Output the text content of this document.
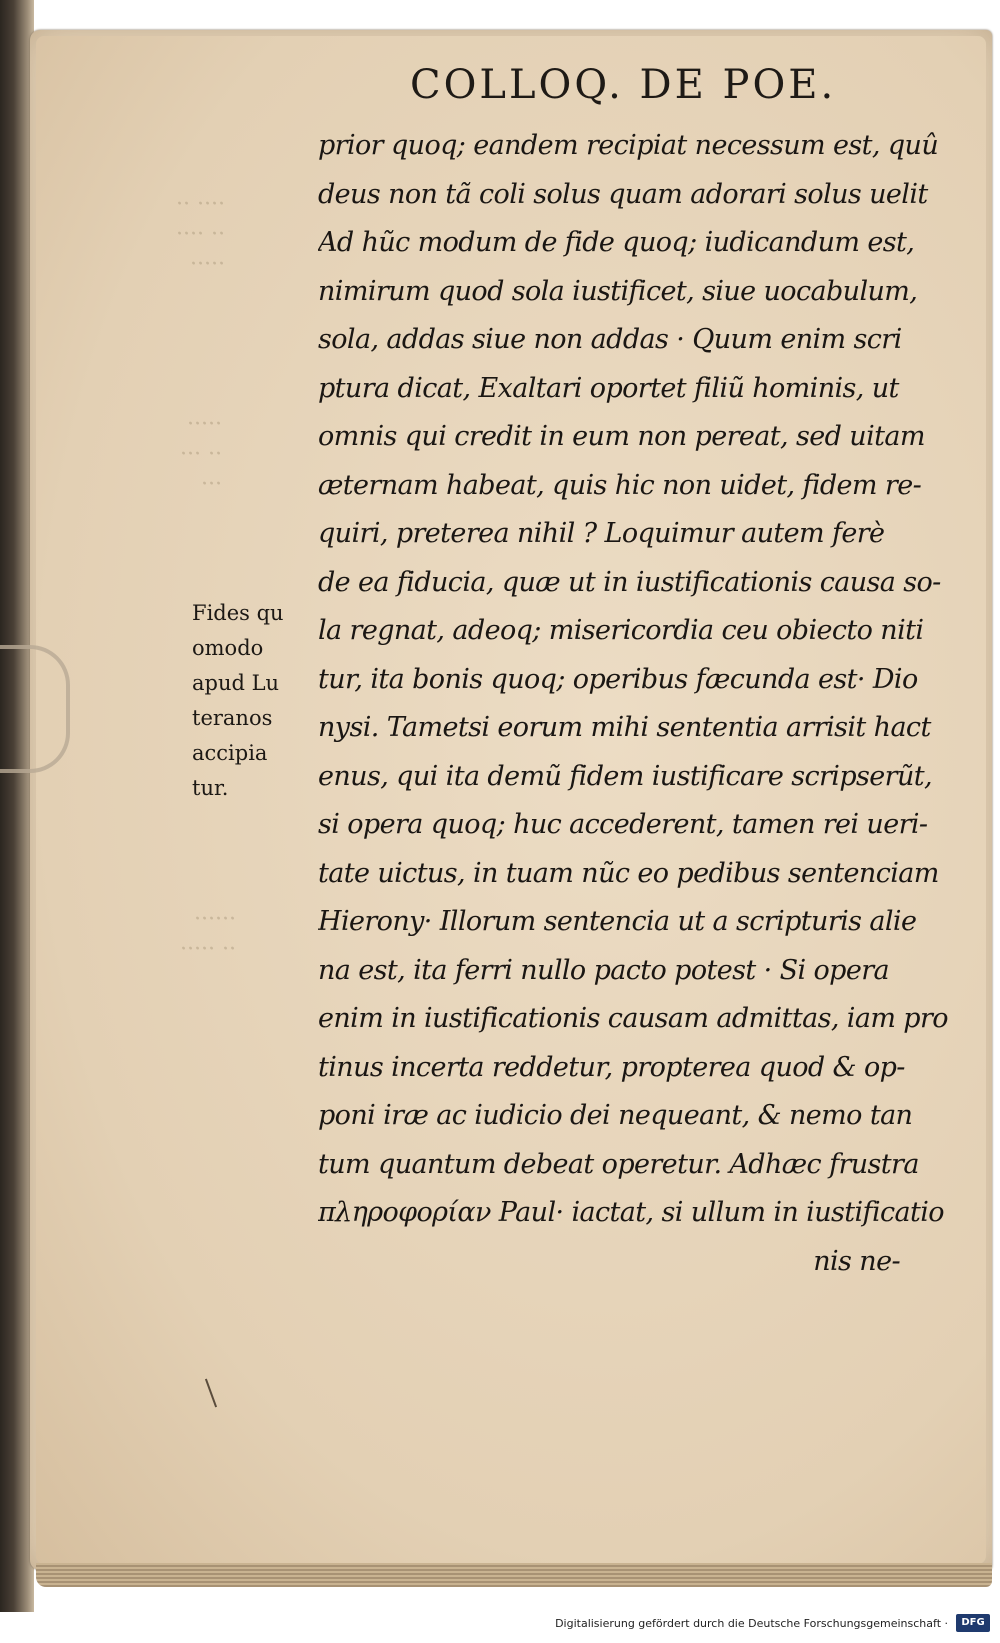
···· ··
·· ····
·····
·····
·· ···
···
······
·· ·····
COLLOQ. DE POE.
prior quoq; eandem recipiat necessum est, quû
deus non tã coli solus quam adorari solus uelit
Ad hũc modum de fide quoq; iudicandum est,
nimirum quod sola iustificet, siue uocabulum,
sola, addas siue non addas · Quum enim scri
ptura dicat, Exaltari oportet filiũ hominis, ut
omnis qui credit in eum non pereat, sed uitam
æternam habeat, quis hic non uidet, fidem re-
quiri, preterea nihil ? Loquimur autem ferè
de ea fiducia, quæ ut in iustificationis causa so-
la regnat, adeoq; misericordia ceu obiecto niti
tur, ita bonis quoq; operibus fæcunda est· Dio
nysi. Tametsi eorum mihi sententia arrisit hact
enus, qui ita demũ fidem iustificare scripserũt,
si opera quoq; huc accederent, tamen rei ueri-
tate uictus, in tuam nũc eo pedibus sentenciam
Hierony· Illorum sentencia ut a scripturis alie
na est, ita ferri nullo pacto potest · Si opera
enim in iustificationis causam admittas, iam pro
tinus incerta reddetur, propterea quod & op-
poni iræ ac iudicio dei nequeant, & nemo tan
tum quantum debeat operetur. Adhæc frustra
πληροφορίαν Paul· iactat, si ullum in iustificatio
nis ne-
Fides qu
omodo
apud Lu
teranos
accipia
tur.
Digitalisierung gefördert durch die Deutsche Forschungsgemeinschaft ·	DFG
